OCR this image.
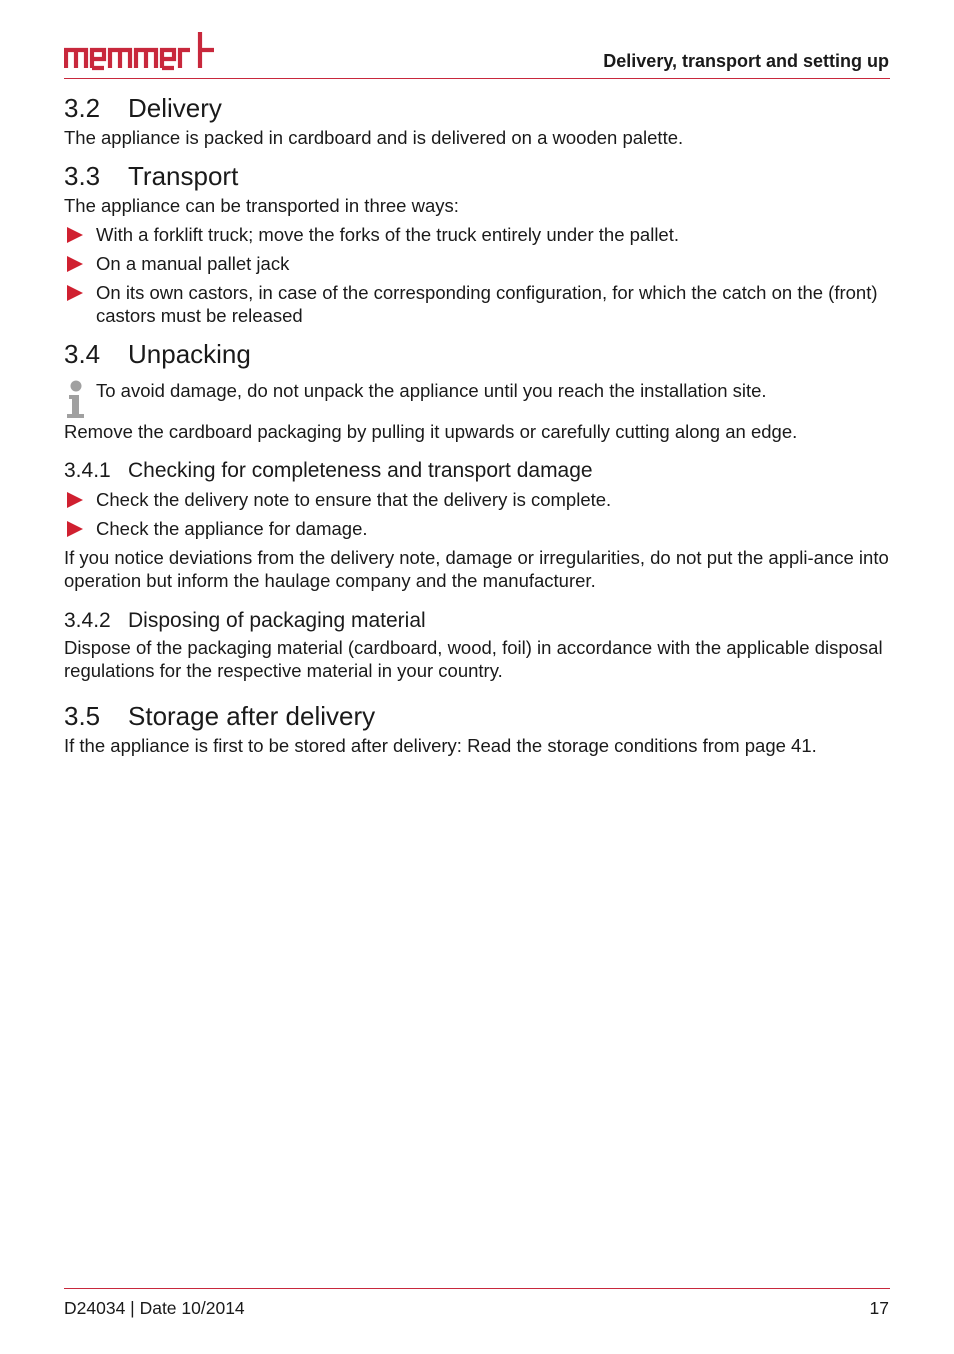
Delivery, transport and setting up
3.2 Delivery

The appliance is packed in cardboard and is delivered on a wooden palette.

3.3 Transport

The appliance can be transported in three ways:

With a forklift truck; move the forks of the truck entirely under the pallet.
On a manual pallet jack
On its own castors, in case of the corresponding configuration, for which the catch on the (front) castors must be released
3.4 Unpacking

To avoid damage, do not unpack the appliance until you reach the installation site.

Remove the cardboard packaging by pulling it upwards or carefully cutting along an edge.

3.4.1 Checking for completeness and transport damage
Check the delivery note to ensure that the delivery is complete.
Check the appliance for damage.

If you notice deviations from the delivery note, damage or irregularities, do not put the appli-ance into operation but inform the haulage company and the manufacturer.

3.4.2 Disposing of packaging material

Dispose of the packaging material (cardboard, wood, foil) in accordance with the applicable disposal regulations for the respective material in your country.

3.5 Storage after delivery

If the appliance is first to be stored after delivery: Read the storage conditions from page 41.

D24034 | Date 10/2014	17
